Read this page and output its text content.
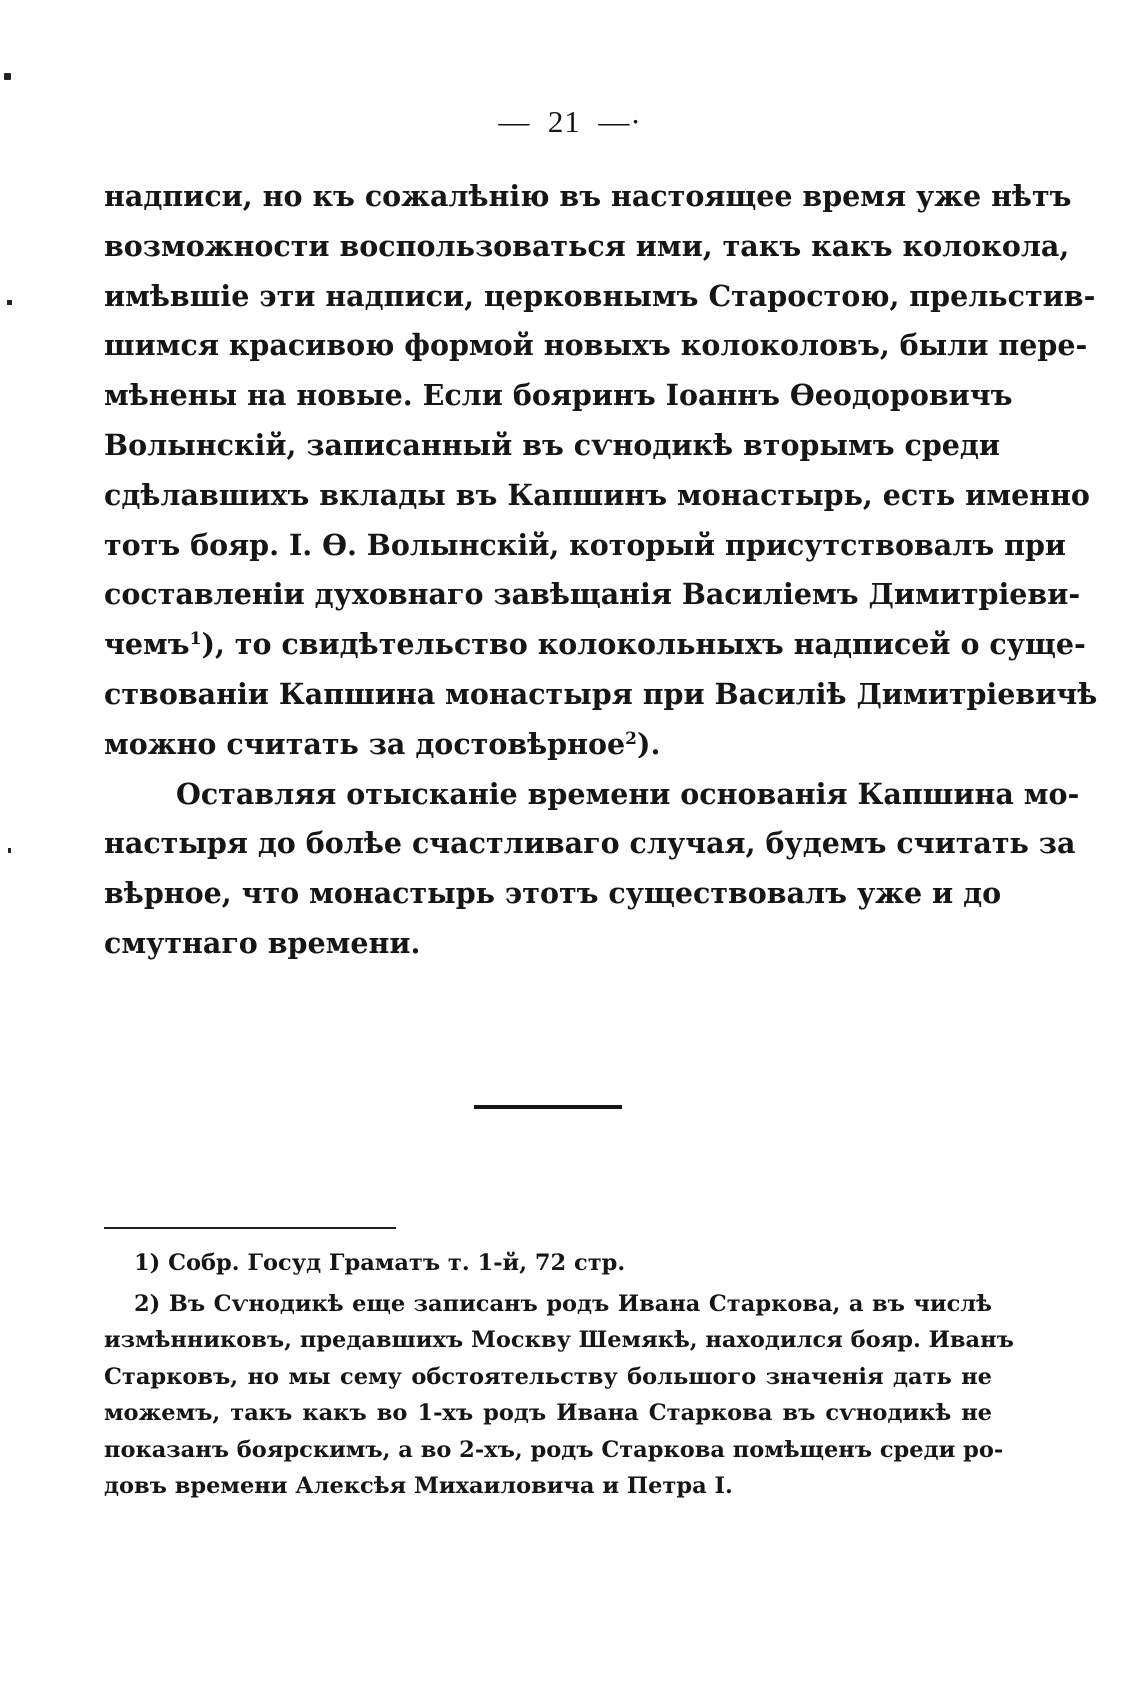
— 21 —·
надписи, но къ сожалѣнію въ настоящее время уже нѣтъ
возможности воспользоваться ими, такъ какъ колокола,
имѣвшіе эти надписи, церковнымъ Старостою, прельстив-
шимся красивою формой новыхъ колоколовъ, были пере-
мѣнены на новые. Если бояринъ Іоаннъ Ѳеодоровичъ
Волынскій, записанный въ сѵнодикѣ вторымъ среди
сдѣлавшихъ вклады въ Капшинъ монастырь, есть именно
тотъ бояр. І. Ѳ. Волынскій, который присутствовалъ при
составленіи духовнаго завѣщанія Василіемъ Димитріеви-
чемъ$^1$), то свидѣтельство колокольныхъ надписей о суще-
ствованіи Капшина монастыря при Василіѣ Димитріевичѣ
можно считать за достовѣрное$^2$).
Оставляя отысканіе времени основанія Капшина мо-
настыря до болѣе счастливаго случая, будемъ считать за
вѣрное, что монастырь этотъ существовалъ уже и до
смутнаго времени.
1) Собр. Госуд Граматъ т. 1-й, 72 стр.
2) Въ Сѵнодикѣ еще записанъ родъ Ивана Старкова, а въ числѣ
измѣнниковъ, предавшихъ Москву Шемякѣ, находился бояр. Иванъ
Старковъ, но мы сему обстоятельству большого значенія дать не
можемъ, такъ какъ во 1-хъ родъ Ивана Старкова въ сѵнодикѣ не
показанъ боярскимъ, а во 2-хъ, родъ Старкова помѣщенъ среди ро-
довъ времени Алексѣя Михаиловича и Петра I.
